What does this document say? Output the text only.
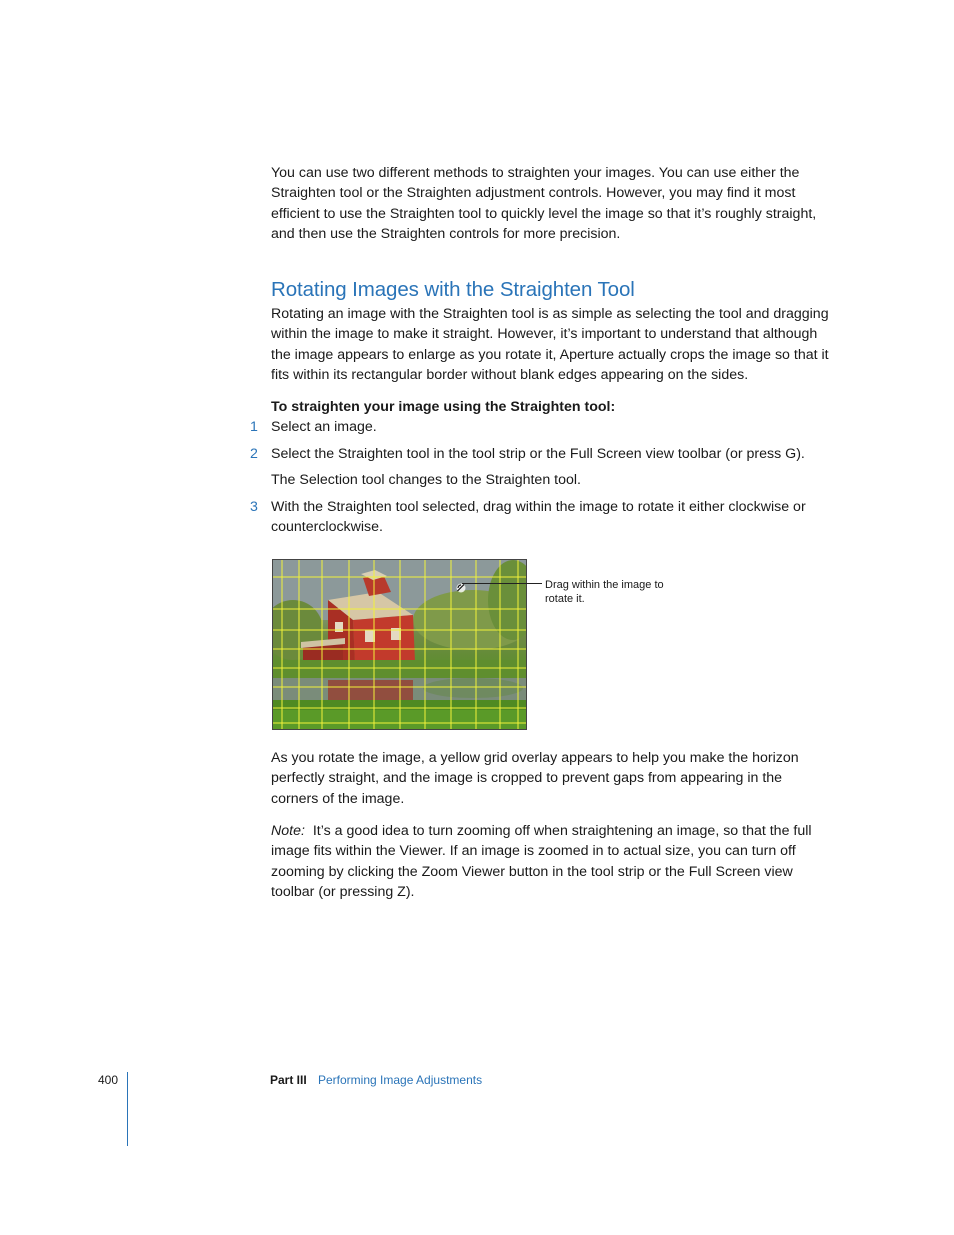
You can use two different methods to straighten your images. You can use either the Straighten tool or the Straighten adjustment controls. However, you may find it most efficient to use the Straighten tool to quickly level the image so that it’s roughly straight, and then use the Straighten controls for more precision.

Rotating Images with the Straighten Tool

Rotating an image with the Straighten tool is as simple as selecting the tool and dragging within the image to make it straight. However, it’s important to understand that although the image appears to enlarge as you rotate it, Aperture actually crops the image so that it fits within its rectangular border without blank edges appearing on the sides.

To straighten your image using the Straighten tool:

1 Select an image.
2 Select the Straighten tool in the tool strip or the Full Screen view toolbar (or press G).

The Selection tool changes to the Straighten tool.

3 With the Straighten tool selected, drag within the image to rotate it either clockwise or counterclockwise.

Drag within the image to rotate it.

As you rotate the image, a yellow grid overlay appears to help you make the horizon perfectly straight, and the image is cropped to prevent gaps from appearing in the corners of the image.

Note: It’s a good idea to turn zooming off when straightening an image, so that the full image fits within the Viewer. If an image is zoomed in to actual size, you can turn off zooming by clicking the Zoom Viewer button in the tool strip or the Full Screen view toolbar (or pressing Z).

400	Part III Performing Image Adjustments
